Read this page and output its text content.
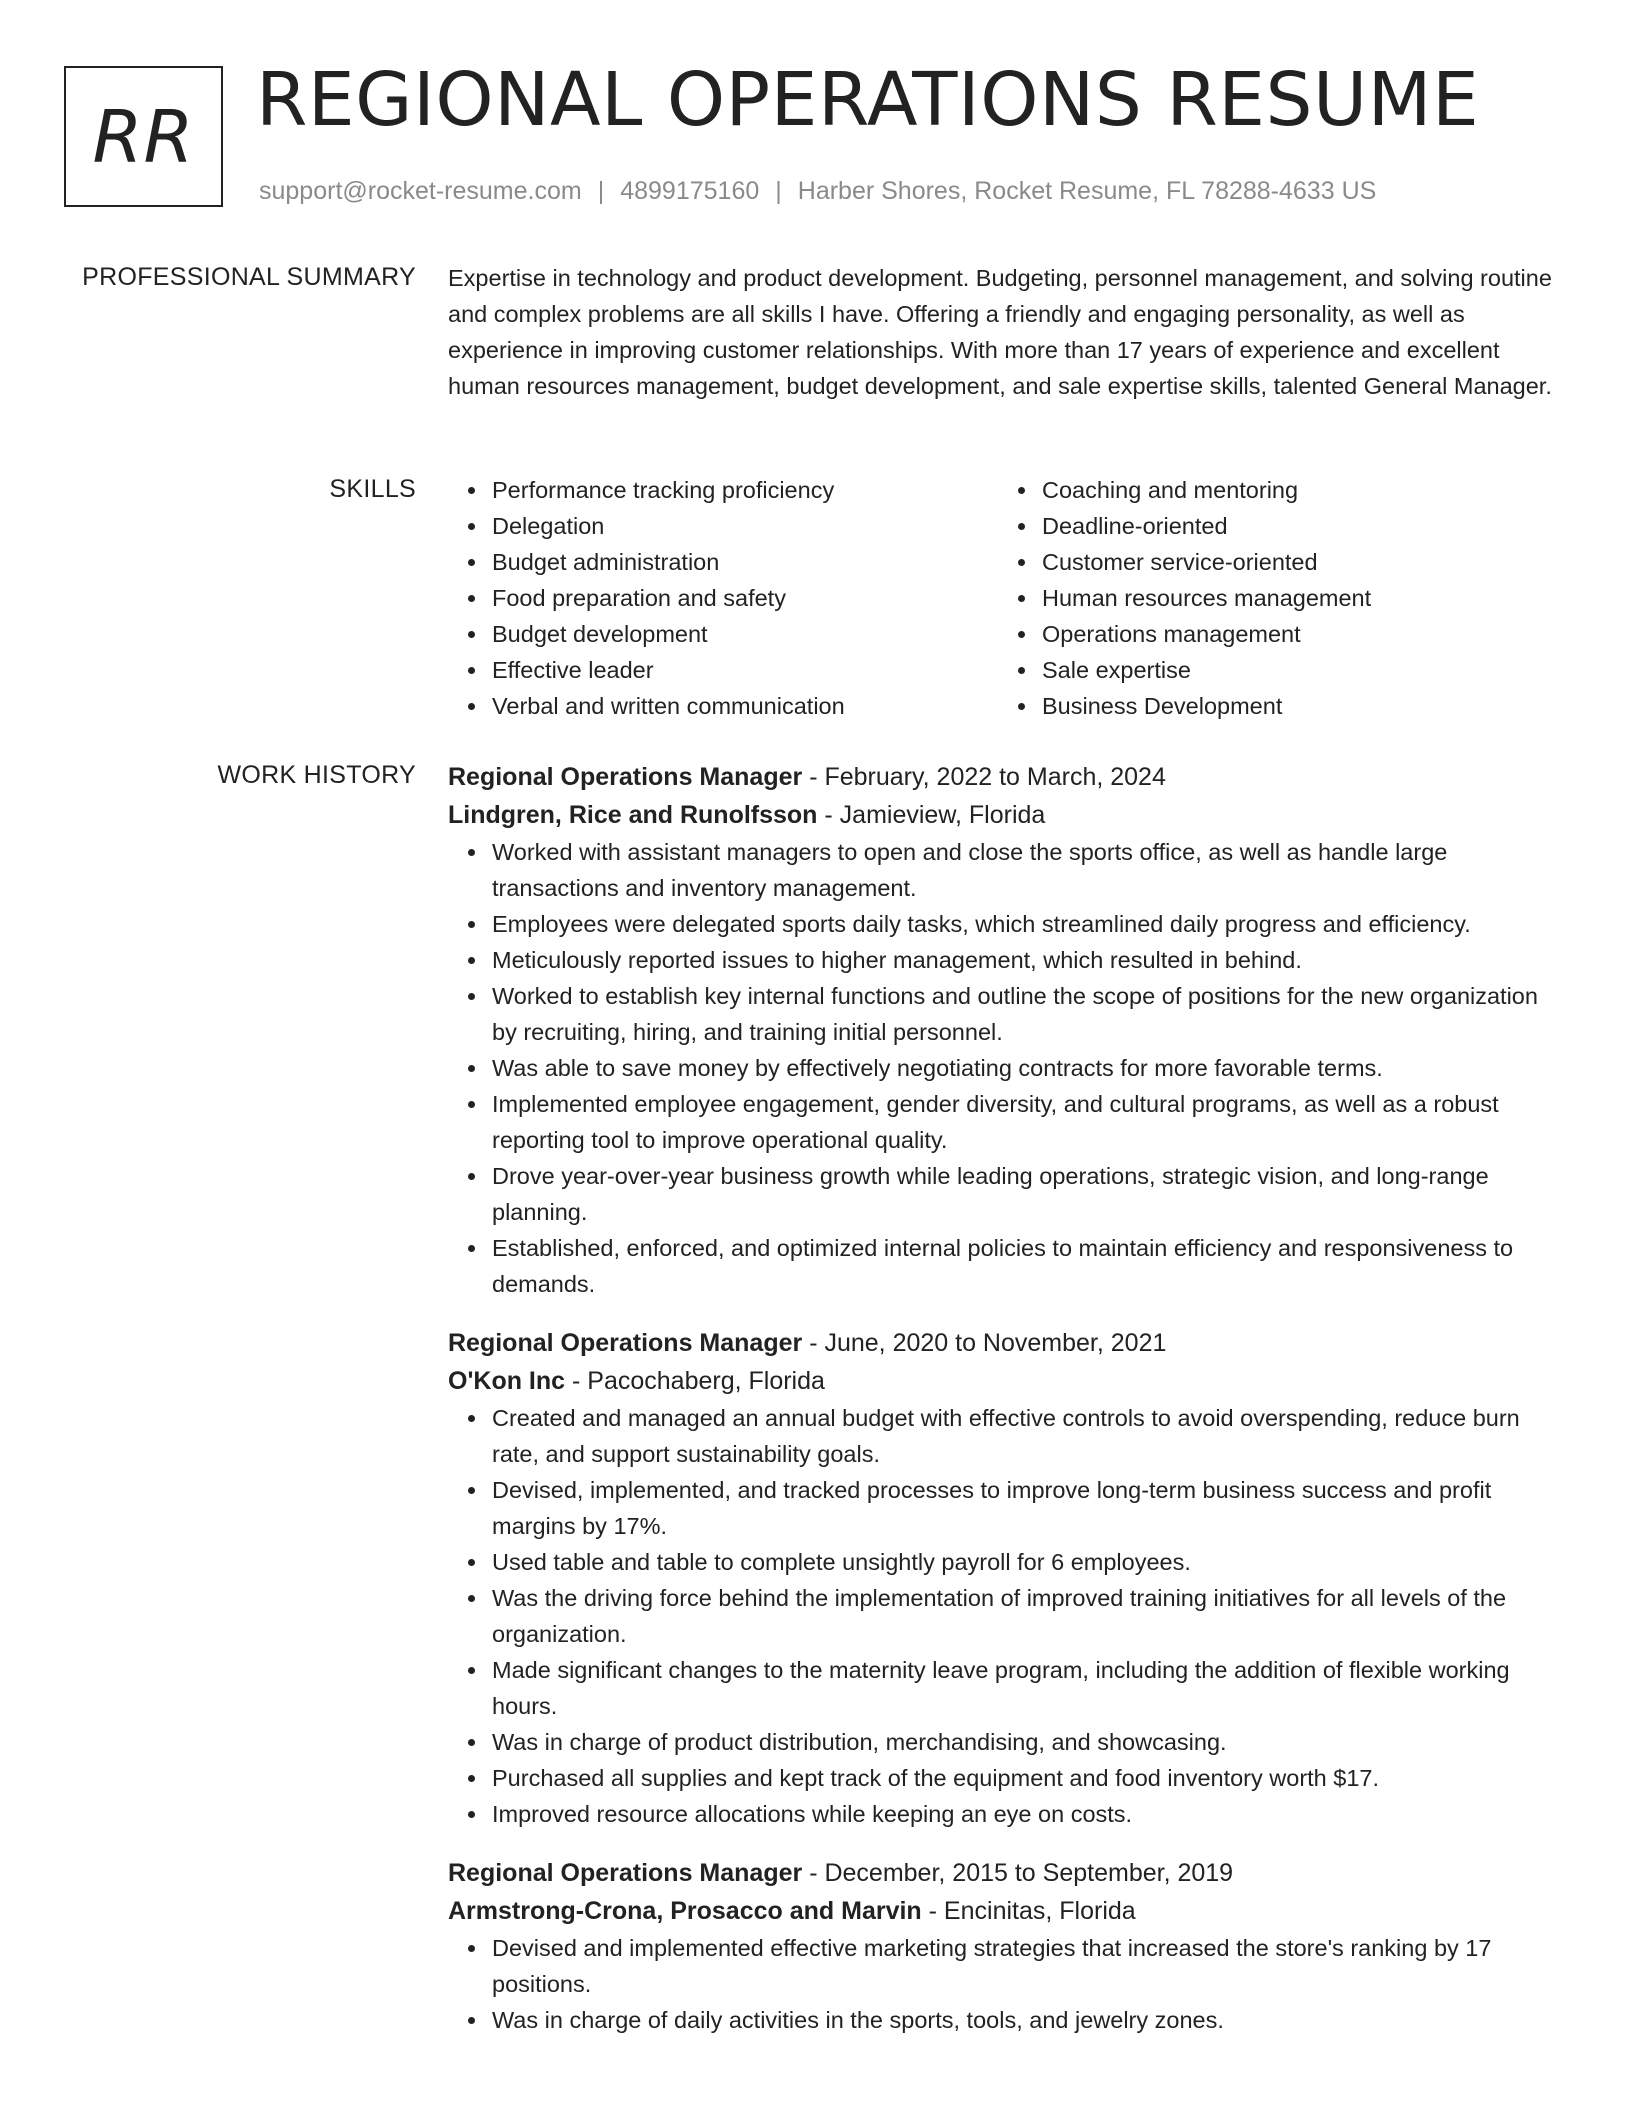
RR REGIONAL OPERATIONS RESUME
support@rocket-resume.com | 4899175160 | Harber Shores, Rocket Resume, FL 78288-4633 US
PROFESSIONAL SUMMARY Expertise in technology and product development. Budgeting, personnel management, and solving routine and complex problems are all skills I have. Offering a friendly and engaging personality, as well as experience in improving customer relationships. With more than 17 years of experience and excellent human resources management, budget development, and sale expertise skills, talented General Manager.

SKILLS	Performance tracking proficiency
Delegation
Budget administration
Food preparation and safety
Budget development
Effective leader
Verbal and written communication
Coaching and mentoring
Deadline-oriented
Customer service-oriented
Human resources management
Operations management
Sale expertise
Business Development
WORK HISTORY Regional Operations Manager - February, 2022 to March, 2024
Lindgren, Rice and Runolfsson - Jamieview, Florida
Worked with assistant managers to open and close the sports office, as well as handle large transactions and inventory management.
Employees were delegated sports daily tasks, which streamlined daily progress and efficiency.
Meticulously reported issues to higher management, which resulted in behind.
Worked to establish key internal functions and outline the scope of positions for the new organization by recruiting, hiring, and training initial personnel.
Was able to save money by effectively negotiating contracts for more favorable terms.
Implemented employee engagement, gender diversity, and cultural programs, as well as a robust reporting tool to improve operational quality.
Drove year-over-year business growth while leading operations, strategic vision, and long-range planning.
Established, enforced, and optimized internal policies to maintain efficiency and responsiveness to demands.
Regional Operations Manager - June, 2020 to November, 2021
O'Kon Inc - Pacochaberg, Florida
Created and managed an annual budget with effective controls to avoid overspending, reduce burn rate, and support sustainability goals.
Devised, implemented, and tracked processes to improve long-term business success and profit margins by 17%.
Used table and table to complete unsightly payroll for 6 employees.
Was the driving force behind the implementation of improved training initiatives for all levels of the organization.
Made significant changes to the maternity leave program, including the addition of flexible working hours.
Was in charge of product distribution, merchandising, and showcasing.
Purchased all supplies and kept track of the equipment and food inventory worth $17.
Improved resource allocations while keeping an eye on costs.
Regional Operations Manager - December, 2015 to September, 2019
Armstrong-Crona, Prosacco and Marvin - Encinitas, Florida
Devised and implemented effective marketing strategies that increased the store's ranking by 17 positions.
Was in charge of daily activities in the sports, tools, and jewelry zones.
